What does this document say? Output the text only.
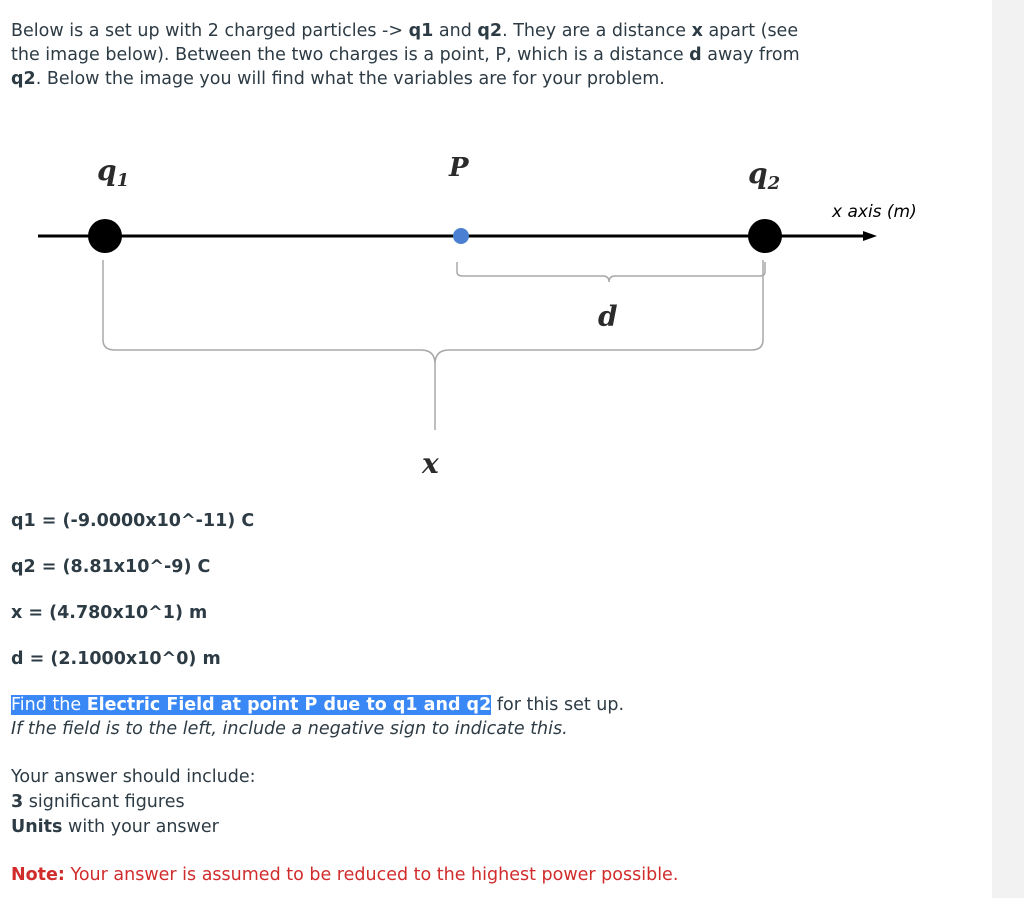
Below is a set up with 2 charged particles -> q1 and q2. They are a distance x apart (see the image below). Between the two charges is a point, P, which is a distance d away from q2. Below the image you will find what the variables are for your problem.
$q_1$	P	$q_2$
x axis (m)
d
x
q1 = (-9.0000x10^-11) C
q2 = (8.81x10^-9) C
x = (4.780x10^1) m
d = (2.1000x10^0) m
Find the Electric Field at point P due to q1 and q2 for this set up.
If the field is to the left, include a negative sign to indicate this.
Your answer should include:
3 significant figures
Units with your answer
Note: Your answer is assumed to be reduced to the highest power possible.
